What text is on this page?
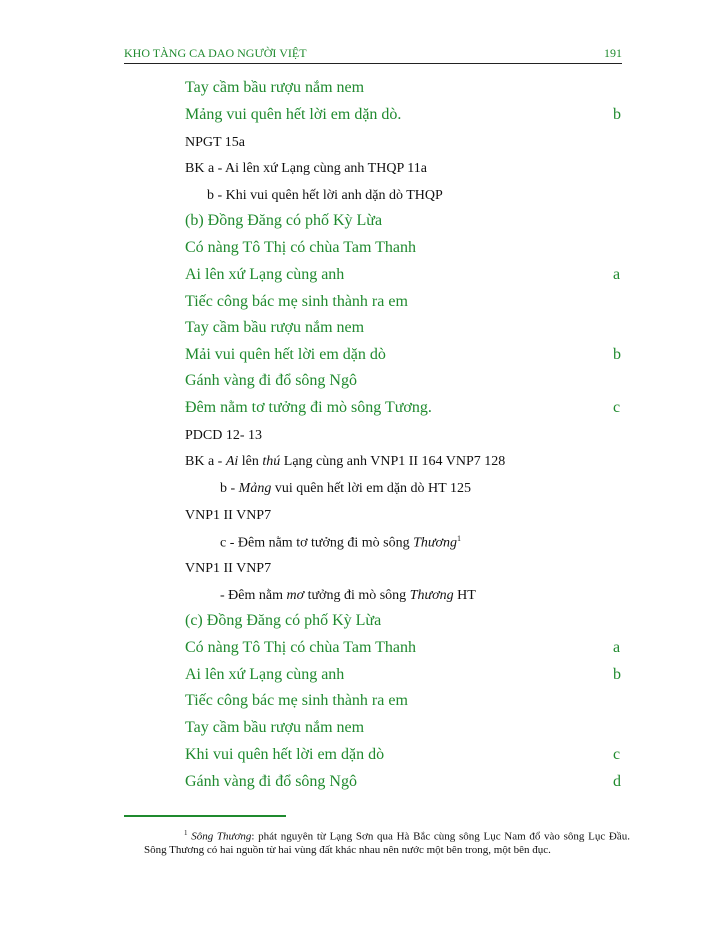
KHO TÀNG CA DAO NGƯỜI VIỆT	191
Tay cầm bầu rượu nắm nem
Mảng vui quên hết lời em dặn dò.	b
NPGT 15a
BK a - Ai lên xứ Lạng cùng anh THQP 11a
b - Khi vui quên hết lời anh dặn dò THQP
(b) Đồng Đăng có phố Kỳ Lừa
Có nàng Tô Thị có chùa Tam Thanh
Ai lên xứ Lạng cùng anh	a
Tiếc công bác mẹ sinh thành ra em
Tay cầm bầu rượu nắm nem
Mải vui quên hết lời em dặn dò	b
Gánh vàng đi đổ sông Ngô
Đêm nằm tơ tưởng đi mò sông Tương.	c
PDCD 12- 13
BK a - Ai lên thú Lạng cùng anh VNP1 II 164 VNP7 128
b - Mảng vui quên hết lời em dặn dò HT 125
VNP1 II VNP7
c - Đêm nằm tơ tưởng đi mò sông Thương$^1$
VNP1 II VNP7
- Đêm nằm mơ tưởng đi mò sông Thương HT
(c) Đồng Đăng có phố Kỳ Lừa
Có nàng Tô Thị có chùa Tam Thanh	a
Ai lên xứ Lạng cùng anh	b
Tiếc công bác mẹ sinh thành ra em
Tay cầm bầu rượu nắm nem
Khi vui quên hết lời em dặn dò	c
Gánh vàng đi đổ sông Ngô	d
$^1$ Sông Thương: phát nguyên từ Lạng Sơn qua Hà Bắc cùng sông Lục Nam đổ vào sông Lục Đầu. Sông Thương có hai nguồn từ hai vùng đất khác nhau nên nước một bên trong, một bên đục.
